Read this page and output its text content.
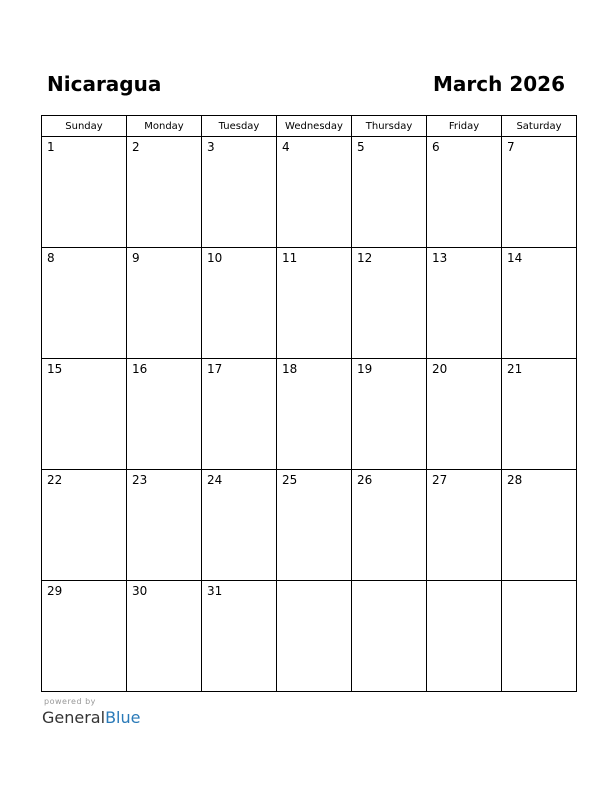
Nicaragua	March 2026
Sunday	Monday	Tuesday	Wednesday	Thursday	Friday	Saturday

1	2	3	4	5	6	7

8	9	10	11	12	13	14

15	16	17	18	19	20	21

22	23	24	25	26	27	28

29	30	31				

powered by
GeneralBlue
